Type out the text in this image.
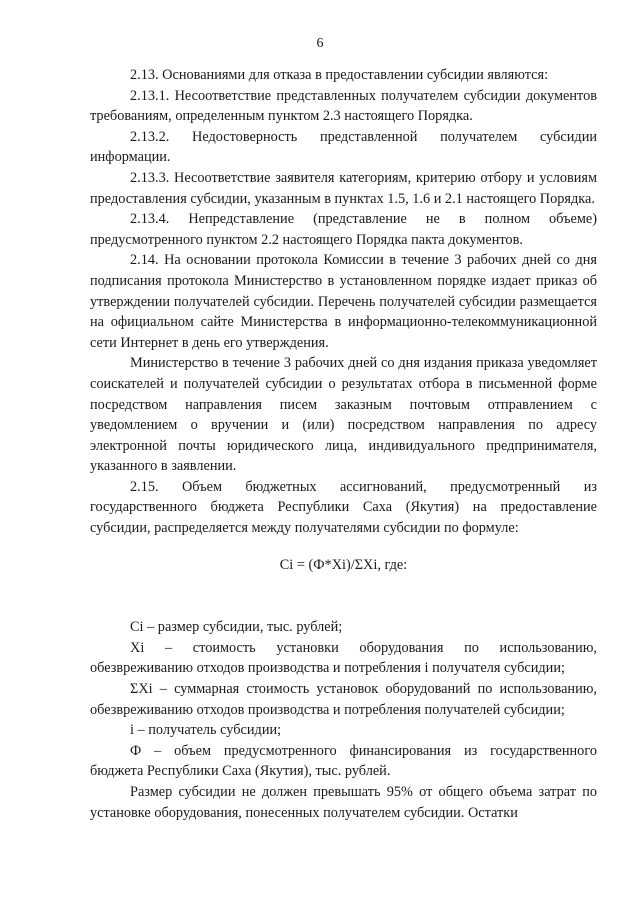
6

2.13. Основаниями для отказа в предоставлении субсидии являются:

2.13.1. Несоответствие представленных получателем субсидии документов требованиям, определенным пунктом 2.3 настоящего Порядка.

2.13.2. Недостоверность представленной получателем субсидии информации.

2.13.3. Несоответствие заявителя категориям, критерию отбору и условиям предоставления субсидии, указанным в пунктах 1.5, 1.6 и 2.1 настоящего Порядка.

2.13.4. Непредставление (представление не в полном объеме) предусмотренного пунктом 2.2 настоящего Порядка пакта документов.

2.14. На основании протокола Комиссии в течение 3 рабочих дней со дня подписания протокола Министерство в установленном порядке издает приказ об утверждении получателей субсидии. Перечень получателей субсидии размещается на официальном сайте Министерства в информационно-телекоммуникационной сети Интернет в день его утверждения.

Министерство в течение 3 рабочих дней со дня издания приказа уведомляет соискателей и получателей субсидии о результатах отбора в письменной форме посредством направления писем заказным почтовым отправлением с уведомлением о вручении и (или) посредством направления по адресу электронной почты юридического лица, индивидуального предпринимателя, указанного в заявлении.

2.15. Объем бюджетных ассигнований, предусмотренный из государственного бюджета Республики Саха (Якутия) на предоставление субсидии, распределяется между получателями субсидии по формуле:

Ci = (Ф*Xi)/ΣXi, где:

Ci – размер субсидии, тыс. рублей;

Xi – стоимость установки оборудования по использованию, обезвреживанию отходов производства и потребления i получателя субсидии;

ΣXi – суммарная стоимость установок оборудований по использованию, обезвреживанию отходов производства и потребления получателей субсидии;

i – получатель субсидии;

Ф – объем предусмотренного финансирования из государственного бюджета Республики Саха (Якутия), тыс. рублей.

Размер субсидии не должен превышать 95% от общего объема затрат по установке оборудования, понесенных получателем субсидии. Остатки
